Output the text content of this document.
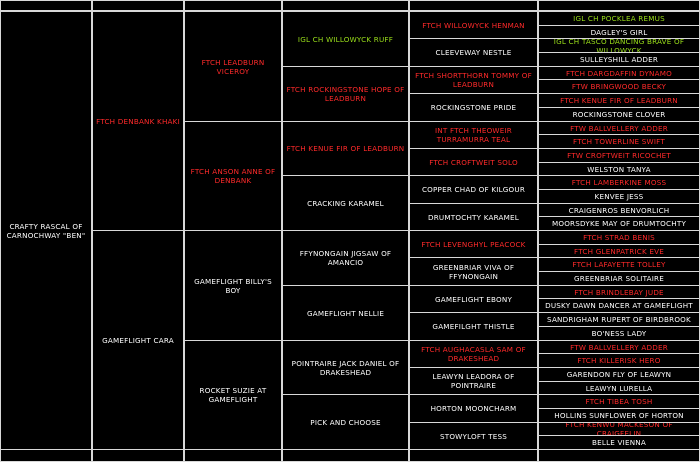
CRAFTY RASCAL OF CARNOCHWAY "BEN"
FTCH DENBANK KHAKI
GAMEFLIGHT CARA
FTCH LEADBURN VICEROY
FTCH ANSON ANNE OF DENBANK
GAMEFLIGHT BILLY'S BOY
ROCKET SUZIE AT GAMEFLIGHT
IGL CH WILLOWYCK RUFF
FTCH ROCKINGSTONE HOPE OF LEADBURN
FTCH KENUE FIR OF LEADBURN
CRACKING KARAMEL
FFYNONGAIN JIGSAW OF AMANCIO
GAMEFLIGHT NELLIE
POINTRAIRE JACK DANIEL OF DRAKESHEAD
PICK AND CHOOSE
FTCH WILLOWYCK HENMAN
CLEEVEWAY NESTLE
FTCH SHORTTHORN TOMMY OF LEADBURN
ROCKINGSTONE PRIDE
INT FTCH THEOWEIR TURRAMURRA TEAL
FTCH CROFTWEIT SOLO
COPPER CHAD OF KILGOUR
DRUMTOCHTY KARAMEL
FTCH LEVENGHYL PEACOCK
GREENBRIAR VIVA OF FFYNONGAIN
GAMEFLIGHT EBONY
GAMEFILGHT THISTLE
FTCH AUGHACASLA SAM OF DRAKESHEAD
LEAWYN LEADORA OF POINTRAIRE
HORTON MOONCHARM
STOWYLOFT TESS
IGL CH POCKLEA REMUS
DAGLEY'S GIRL
IGL CH TASCO DANCING BRAVE OF WILLOWYCK
SULLEYSHILL ADDER
FTCH DARGDAFFIN DYNAMO
FTW BRINGWOOD BECKY
FTCH KENUE FIR OF LEADBURN
ROCKINGSTONE CLOVER
FTW BALLVELLERY ADDER
FTCH TOWERLINE SWIFT
FTW CROFTWEIT RICOCHET
WELSTON TANYA
FTCH LAMBERKINE MOSS
KENVEE JESS
CRAIGENROS BENVORLICH
MOORSDYKE MAY OF DRUMTOCHTY
FTCH STRAD BENIS
FTCH GLENPATRICK EVE
FTCH LAFAYETTE TOLLEY
GREENBRIAR SOLITAIRE
FTCH BRINDLEBAY JUDE
DUSKY DAWN DANCER AT GAMEFLIGHT
SANDRIGHAM RUPERT OF BIRDBROOK
BO'NESS LADY
FTW BALLVELLERY ADDER
FTCH KILLERISK HERO
GARENDON FLY OF LEAWYN
LEAWYN LURELLA
FTCH TIBEA TOSH
HOLLINS SUNFLOWER OF HORTON
FTCH KENWU MACKESON OF CRAIGFELIN
BELLE VIENNA
